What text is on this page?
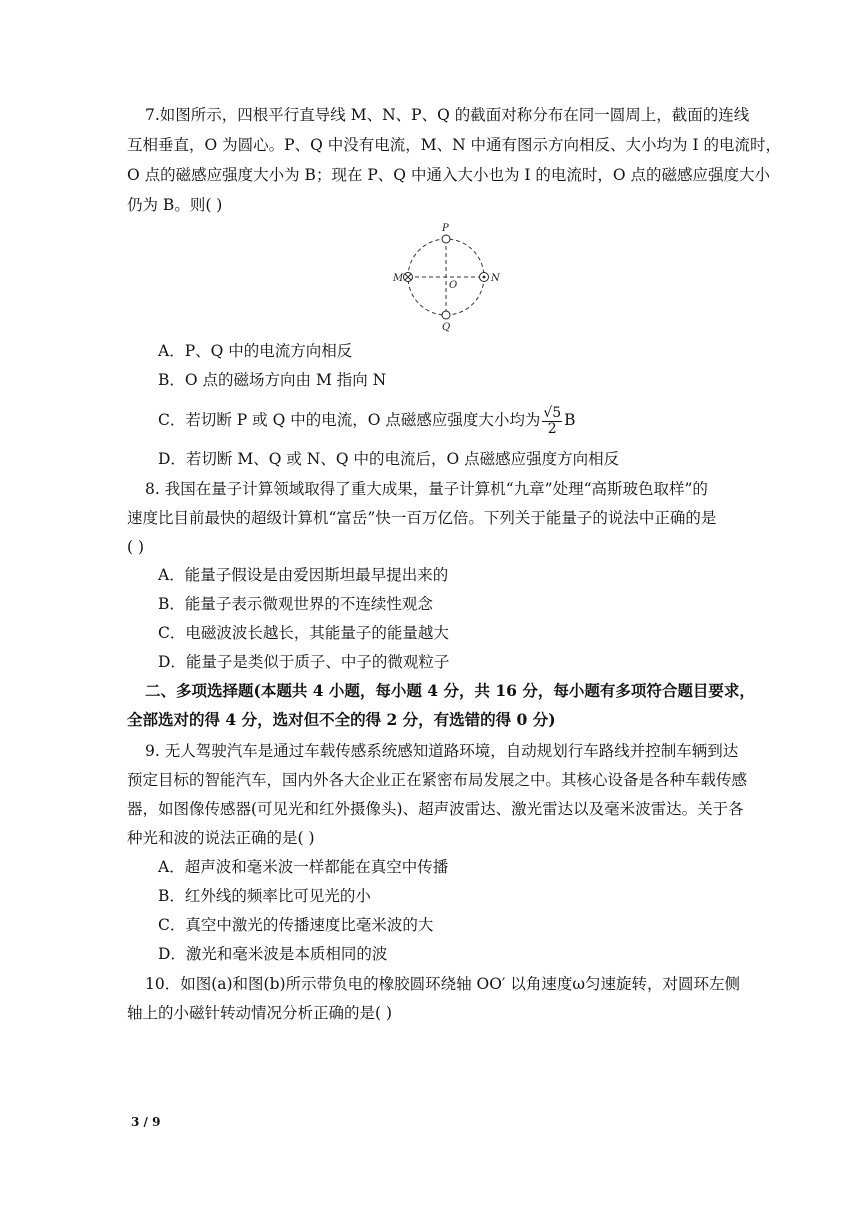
7.如图所示，四根平行直导线 M、N、P、Q 的截面对称分布在同一圆周上，截面的连线
互相垂直，O 为圆心。P、Q 中没有电流，M、N 中通有图示方向相反、大小均为 I 的电流时，
O 点的磁感应强度大小为 B；现在 P、Q 中通入大小也为 I 的电流时，O 点的磁感应强度大小
仍为 B。则( )
P
Q
M	N
O
A．P、Q 中的电流方向相反
B．O 点的磁场方向由 M 指向 N
C．若切断 P 或 Q 中的电流，O 点磁感应强度大小均为 $\frac{√5}{2}$ B
D．若切断 M、Q 或 N、Q 中的电流后，O 点磁感应强度方向相反
8. 我国在量子计算领域取得了重大成果，量子计算机“九章”处理“高斯玻色取样”的
速度比目前最快的超级计算机“富岳”快一百万亿倍。下列关于能量子的说法中正确的是
( )
A．能量子假设是由爱因斯坦最早提出来的
B．能量子表示微观世界的不连续性观念
C．电磁波波长越长，其能量子的能量越大
D．能量子是类似于质子、中子的微观粒子
二、多项选择题(本题共 4 小题，每小题 4 分，共 16 分，每小题有多项符合题目要求，
全部选对的得 4 分，选对但不全的得 2 分，有选错的得 0 分)
9. 无人驾驶汽车是通过车载传感系统感知道路环境，自动规划行车路线并控制车辆到达
预定目标的智能汽车，国内外各大企业正在紧密布局发展之中。其核心设备是各种车载传感
器，如图像传感器(可见光和红外摄像头)、超声波雷达、激光雷达以及毫米波雷达。关于各
种光和波的说法正确的是( )
A．超声波和毫米波一样都能在真空中传播
B．红外线的频率比可见光的小
C．真空中激光的传播速度比毫米波的大
D．激光和毫米波是本质相同的波
10．如图(a)和图(b)所示带负电的橡胶圆环绕轴 OO′ 以角速度ω匀速旋转，对圆环左侧
轴上的小磁针转动情况分析正确的是( )
3 / 9
